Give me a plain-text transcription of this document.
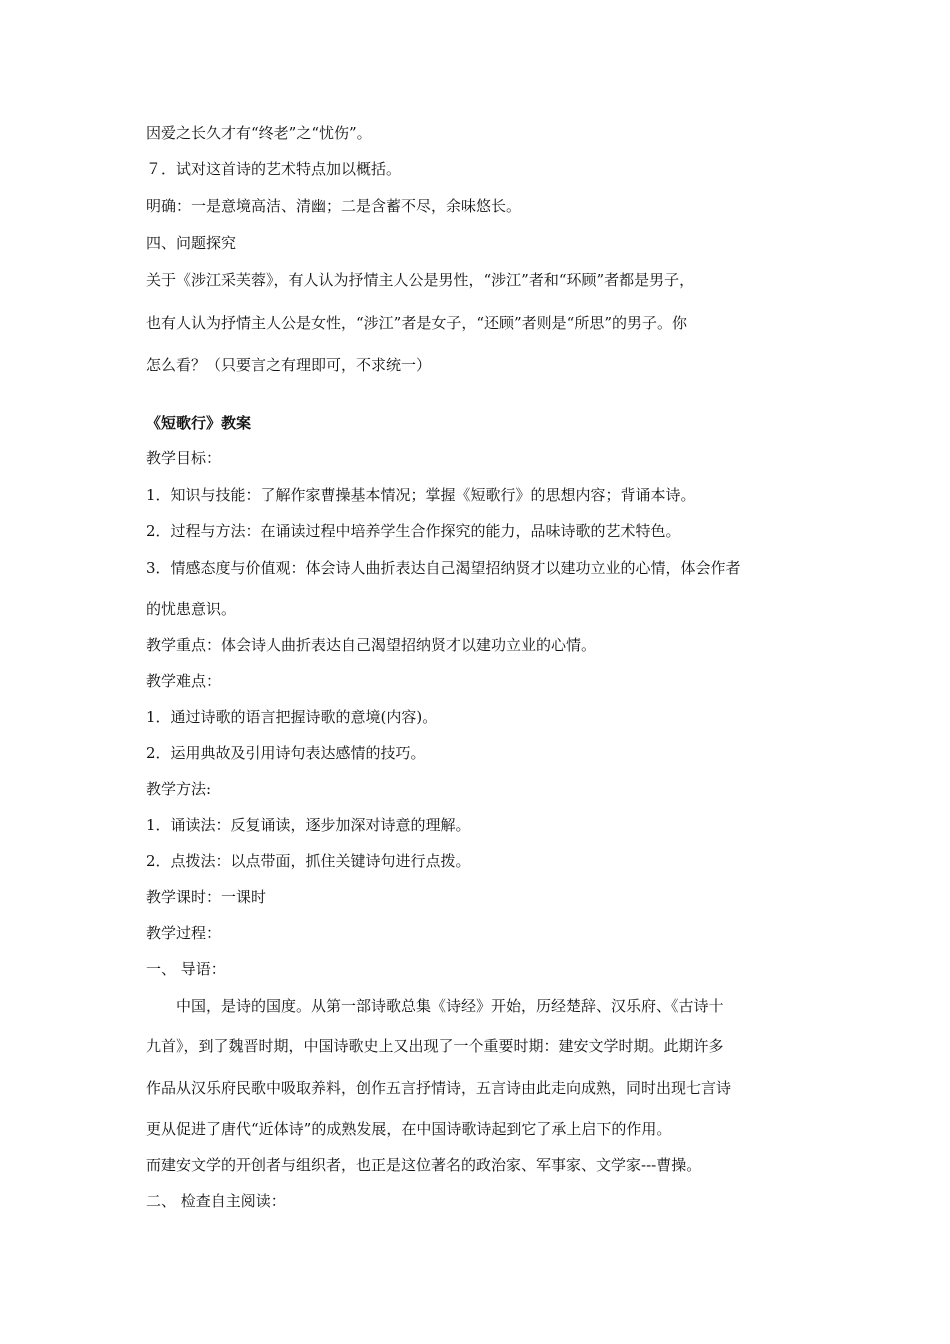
因爱之长久才有“终老”之“忧伤”。

７．试对这首诗的艺术特点加以概括。

明确：一是意境高洁、清幽；二是含蓄不尽，余味悠长。

四、问题探究

关于《涉江采芙蓉》，有人认为抒情主人公是男性，“涉江”者和“环顾”者都是男子，

也有人认为抒情主人公是女性，“涉江”者是女子，“还顾”者则是“所思”的男子。你

怎么看？（只要言之有理即可，不求统一）

《短歌行》教案

教学目标：

1．知识与技能：了解作家曹操基本情况；掌握《短歌行》的思想内容；背诵本诗。

2．过程与方法：在诵读过程中培养学生合作探究的能力，品味诗歌的艺术特色。

3．情感态度与价值观：体会诗人曲折表达自己渴望招纳贤才以建功立业的心情，体会作者

的忧患意识。

教学重点：体会诗人曲折表达自己渴望招纳贤才以建功立业的心情。

教学难点：

1．通过诗歌的语言把握诗歌的意境(内容)。

2．运用典故及引用诗句表达感情的技巧。

教学方法:

1．诵读法：反复诵读，逐步加深对诗意的理解。

2．点拨法：以点带面，抓住关键诗句进行点拨。

教学课时：一课时

教学过程：

一、 导语：

中国，是诗的国度。从第一部诗歌总集《诗经》开始，历经楚辞、汉乐府、《古诗十

九首》，到了魏晋时期，中国诗歌史上又出现了一个重要时期：建安文学时期。此期许多

作品从汉乐府民歌中吸取养料，创作五言抒情诗，五言诗由此走向成熟，同时出现七言诗

更从促进了唐代“近体诗”的成熟发展，在中国诗歌诗起到它了承上启下的作用。

而建安文学的开创者与组织者，也正是这位著名的政治家、军事家、文学家---曹操。

二、 检查自主阅读：
